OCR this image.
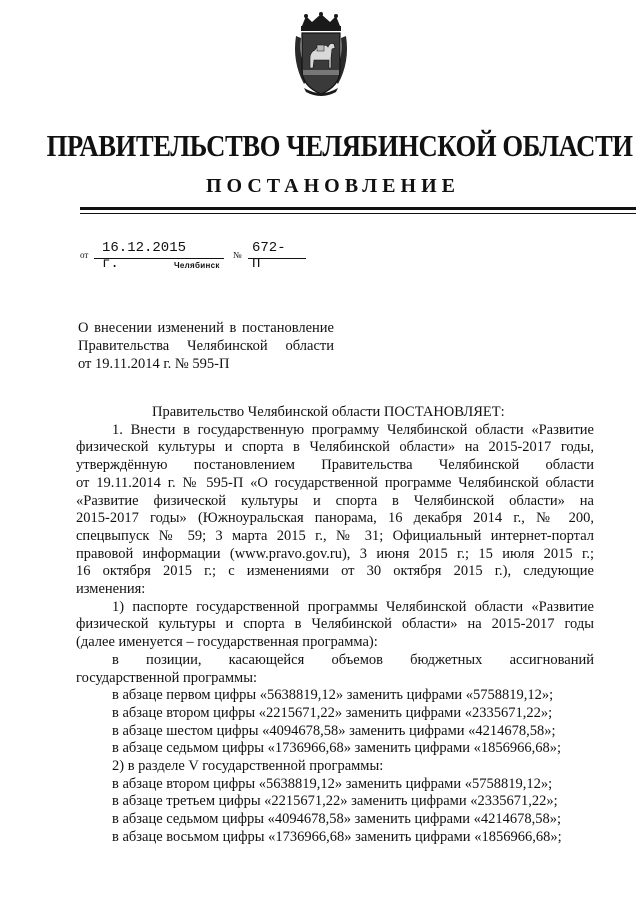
ПРАВИТЕЛЬСТВО ЧЕЛЯБИНСКОЙ ОБЛАСТИ
ПОСТАНОВЛЕНИЕ
от 16.12.2015 г.
№ 672-П
Челябинск
О внесении изменений в постановление
Правительства Челябинской области
от 19.11.2014 г. № 595-П
Правительство Челябинской области ПОСТАНОВЛЯЕТ:
1. Внести в государственную программу Челябинской области «Развитие
физической культуры и спорта в Челябинской области» на 2015-2017 годы,
утверждённую постановлением Правительства Челябинской области
от 19.11.2014 г. № 595-П «О государственной программе Челябинской области
«Развитие физической культуры и спорта в Челябинской области» на
2015-2017 годы» (Южноуральская панорама, 16 декабря 2014 г., № 200,
спецвыпуск № 59; 3 марта 2015 г., № 31; Официальный интернет-портал
правовой информации (www.pravo.gov.ru), 3 июня 2015 г.; 15 июля 2015 г.;
16 октября 2015 г.; с изменениями от 30 октября 2015 г.), следующие
изменения:
1) паспорте государственной программы Челябинской области «Развитие
физической культуры и спорта в Челябинской области» на 2015-2017 годы
(далее именуется – государственная программа):
в позиции, касающейся объемов бюджетных ассигнований
государственной программы:
в абзаце первом цифры «5638819,12» заменить цифрами «5758819,12»;
в абзаце втором цифры «2215671,22» заменить цифрами «2335671,22»;
в абзаце шестом цифры «4094678,58» заменить цифрами «4214678,58»;
в абзаце седьмом цифры «1736966,68» заменить цифрами «1856966,68»;
2) в разделе V государственной программы:
в абзаце втором цифры «5638819,12» заменить цифрами «5758819,12»;
в абзаце третьем цифры «2215671,22» заменить цифрами «2335671,22»;
в абзаце седьмом цифры «4094678,58» заменить цифрами «4214678,58»;
в абзаце восьмом цифры «1736966,68» заменить цифрами «1856966,68»;
